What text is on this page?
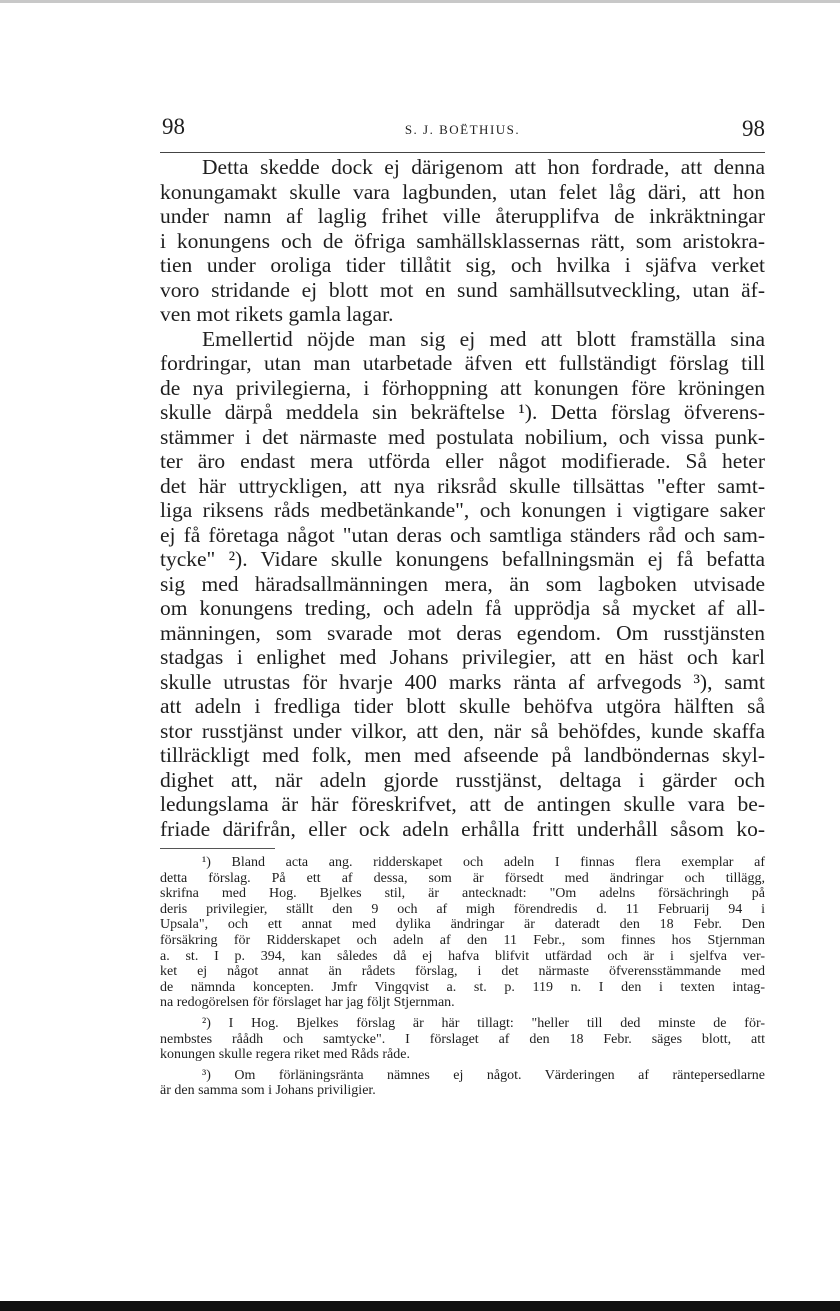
98	S. J. BOËTHIUS.	98
Detta skedde dock ej därigenom att hon fordrade, att denna
konungamakt skulle vara lagbunden, utan felet låg däri, att hon
under namn af laglig frihet ville återupplifva de inkräktningar
i konungens och de öfriga samhällsklassernas rätt, som aristokra-
tien under oroliga tider tillåtit sig, och hvilka i sjäfva verket
voro stridande ej blott mot en sund samhällsutveckling, utan äf-
ven mot rikets gamla lagar.
Emellertid nöjde man sig ej med att blott framställa sina
fordringar, utan man utarbetade äfven ett fullständigt förslag till
de nya privilegierna, i förhoppning att konungen före kröningen
skulle därpå meddela sin bekräftelse ¹). Detta förslag öfverens-
stämmer i det närmaste med postulata nobilium, och vissa punk-
ter äro endast mera utförda eller något modifierade. Så heter
det här uttryckligen, att nya riksråd skulle tillsättas "efter samt-
liga riksens råds medbetänkande", och konungen i vigtigare saker
ej få företaga något "utan deras och samtliga ständers råd och sam-
tycke" ²). Vidare skulle konungens befallningsmän ej få befatta
sig med häradsallmänningen mera, än som lagboken utvisade
om konungens treding, och adeln få upprödja så mycket af all-
männingen, som svarade mot deras egendom. Om russtjänsten
stadgas i enlighet med Johans privilegier, att en häst och karl
skulle utrustas för hvarje 400 marks ränta af arfvegods ³), samt
att adeln i fredliga tider blott skulle behöfva utgöra hälften så
stor russtjänst under vilkor, att den, när så behöfdes, kunde skaffa
tillräckligt med folk, men med afseende på landböndernas skyl-
dighet att, när adeln gjorde russtjänst, deltaga i gärder och
ledungslama är här föreskrifvet, att de antingen skulle vara be-
friade därifrån, eller ock adeln erhålla fritt underhåll såsom ko-
¹) Bland acta ang. ridderskapet och adeln I finnas flera exemplar af
detta förslag. På ett af dessa, som är försedt med ändringar och tillägg,
skrifna med Hog. Bjelkes stil, är antecknadt: "Om adelns försächringh på
deris privilegier, ställt den 9 och af migh förendredis d. 11 Februarij 94 i
Upsala", och ett annat med dylika ändringar är dateradt den 18 Febr. Den
försäkring för Ridderskapet och adeln af den 11 Febr., som finnes hos Stjernman
a. st. I p. 394, kan således då ej hafva blifvit utfärdad och är i sjelfva ver-
ket ej något annat än rådets förslag, i det närmaste öfverensstämmande med
de nämnda koncepten. Jmfr Vingqvist a. st. p. 119 n. I den i texten intag-
na redogörelsen för förslaget har jag följt Stjernman.
²) I Hog. Bjelkes förslag är här tillagt: "heller till ded minste de för-
nembstes råådh och samtycke". I förslaget af den 18 Febr. säges blott, att
konungen skulle regera riket med Råds råde.
³) Om förläningsränta nämnes ej något. Värderingen af räntepersedlarne
är den samma som i Johans priviligier.
